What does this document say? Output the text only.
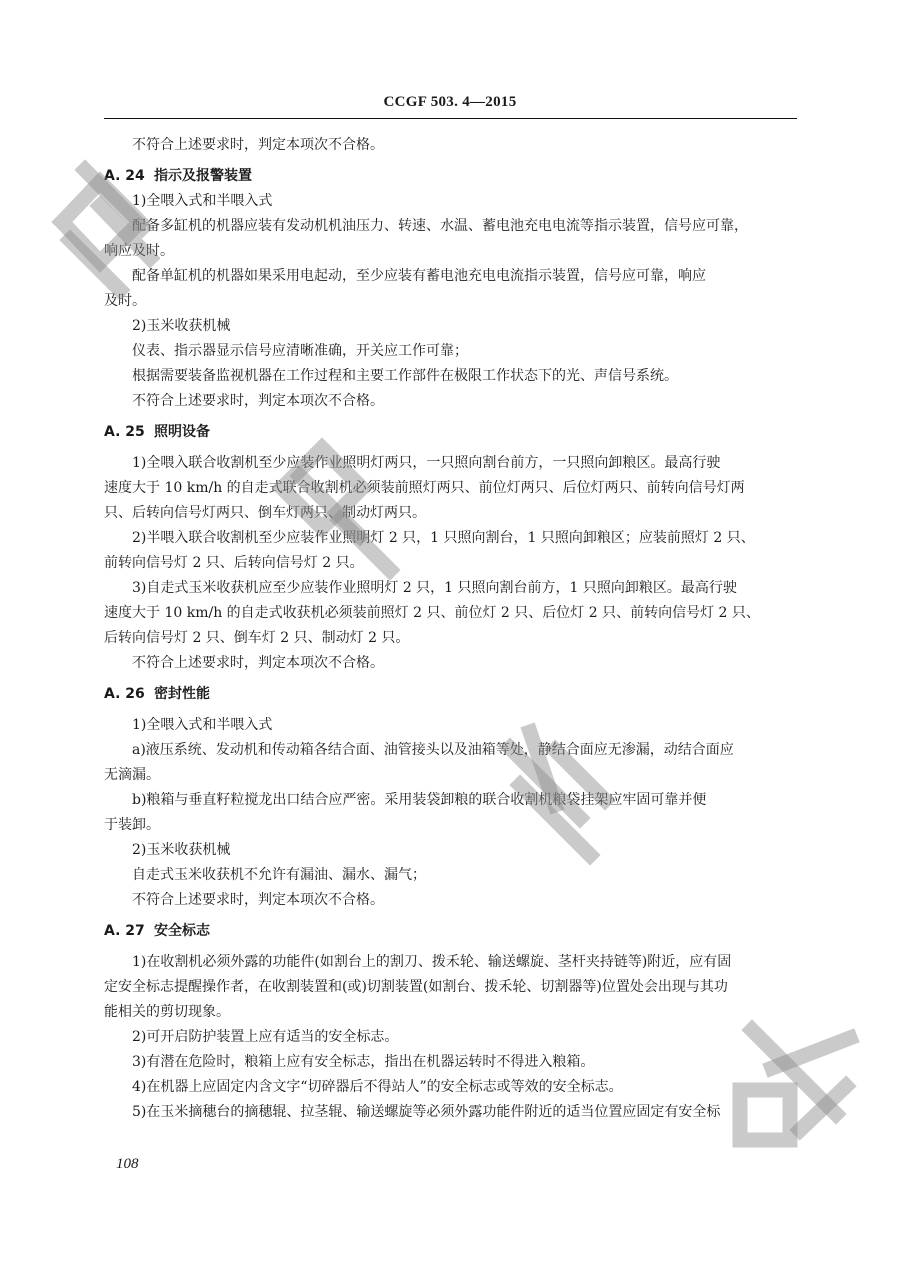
CCGF 503. 4—2015

不符合上述要求时，判定本项次不合格。

A. 24 指示及报警装置

1)全喂入式和半喂入式

配备多缸机的机器应装有发动机机油压力、转速、水温、蓄电池充电电流等指示装置，信号应可靠，

响应及时。

配备单缸机的机器如果采用电起动，至少应装有蓄电池充电电流指示装置，信号应可靠，响应

及时。

2)玉米收获机械

仪表、指示器显示信号应清晰准确，开关应工作可靠；

根据需要装备监视机器在工作过程和主要工作部件在极限工作状态下的光、声信号系统。

不符合上述要求时，判定本项次不合格。

A. 25 照明设备

1)全喂入联合收割机至少应装作业照明灯两只，一只照向割台前方，一只照向卸粮区。最高行驶

速度大于 10 km/h 的自走式联合收割机必须装前照灯两只、前位灯两只、后位灯两只、前转向信号灯两

只、后转向信号灯两只、倒车灯两只、制动灯两只。

2)半喂入联合收割机至少应装作业照明灯 2 只，1 只照向割台，1 只照向卸粮区；应装前照灯 2 只、

前转向信号灯 2 只、后转向信号灯 2 只。

3)自走式玉米收获机应至少应装作业照明灯 2 只，1 只照向割台前方，1 只照向卸粮区。最高行驶

速度大于 10 km/h 的自走式收获机必须装前照灯 2 只、前位灯 2 只、后位灯 2 只、前转向信号灯 2 只、

后转向信号灯 2 只、倒车灯 2 只、制动灯 2 只。

不符合上述要求时，判定本项次不合格。

A. 26 密封性能

1)全喂入式和半喂入式

a)液压系统、发动机和传动箱各结合面、油管接头以及油箱等处，静结合面应无渗漏，动结合面应

无滴漏。

b)粮箱与垂直籽粒搅龙出口结合应严密。采用装袋卸粮的联合收割机粮袋挂架应牢固可靠并便

于装卸。

2)玉米收获机械

自走式玉米收获机不允许有漏油、漏水、漏气；

不符合上述要求时，判定本项次不合格。

A. 27 安全标志

1)在收割机必须外露的功能件(如割台上的割刀、拨禾轮、输送螺旋、茎杆夹持链等)附近，应有固

定安全标志提醒操作者，在收割装置和(或)切割装置(如割台、拨禾轮、切割器等)位置处会出现与其功

能相关的剪切现象。

2)可开启防护装置上应有适当的安全标志。

3)有潜在危险时，粮箱上应有安全标志，指出在机器运转时不得进入粮箱。

4)在机器上应固定内含文字“切碎器后不得站人”的安全标志或等效的安全标志。

5)在玉米摘穗台的摘穗辊、拉茎辊、输送螺旋等必须外露功能件附近的适当位置应固定有安全标

108
